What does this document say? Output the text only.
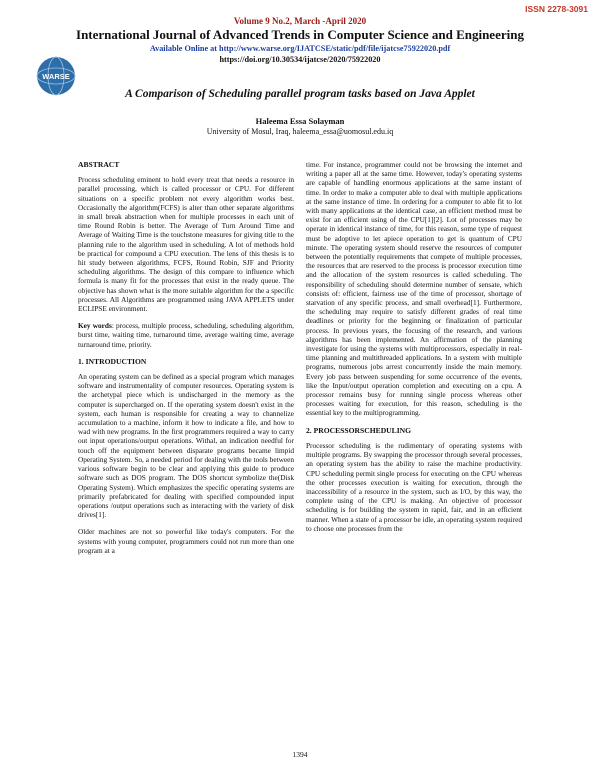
ISSN 2278-3091
Volume 9 No.2, March -April 2020
International Journal of Advanced Trends in Computer Science and Engineering
Available Online at http://www.warse.org/IJATCSE/static/pdf/file/ijatcse75922020.pdf
https://doi.org/10.30534/ijatcse/2020/75922020
WARSE
A Comparison of Scheduling parallel program tasks based on Java Applet
Haleema Essa Solayman
University of Mosul, Iraq, haleema_essa@uomosul.edu.iq
ABSTRACT

Process scheduling eminent to hold every treat that needs a resource in parallel processing, which is called processor or CPU. For different situations on a specific problem not every algorithm works best. Occasionally the algorithm(FCFS) is alter than other separate algorithms in small break abstraction when for multiple processes in each unit of time Round Robin is better. The Average of Turn Around Time and Average of Waiting Time is the touchstone measures for giving title to the planning rule to the algorithm used in scheduling. A lot of methods hold be practical for compound a CPU execution. The lens of this thesis is to hit study between algorithms, FCFS, Round Robin, SJF and Priority scheduling algorithms. The design of this compare to influence which formula is many fit for the processes that exist in the ready queue. The objective has shown what is the more suitable algorithm for the a specific processes. All Algorithms are programmed using JAVA APPLETS under ECLIPSE environment.

Key words: process, multiple process, scheduling, scheduling algorithm, burst time, waiting time, turnaround time, average waiting time, average turnaround time, priority.

1. INTRODUCTION

An operating system can be defined as a special program which manages software and instrumentality of computer resources. Operating system is the archetypal piece which is undischarged in the memory as the computer is supercharged on. If the operating system doesn't exist in the system, each human is responsible for creating a way to channelize accumulation to a machine, inform it how to indicate a file, and how to wad with new programs. In the first programmers required a way to carry out input operations/output operations. Withal, an indication needful for touch off the equipment between disparate programs became limpid Operating System. So, a needed period for dealing with the tools between various software begin to be clear and applying this guide to produce software such as DOS program. The DOS shortcut symbolize the(Disk Operating System). Which emphasizes the specific operating systems are primarily prefabricated for dealing with specified compounded input operations /output operations such as interacting with the variety of disk drives[1].

Older machines are not so powerful like today's computers. For the systems with young computer, programmers could not run more than one program at a

time. For instance, programmer could not be browsing the internet and writing a paper all at the same time. However, today's operating systems are capable of handling enormous applications at the same instant of time. In order to make a computer able to deal with multiple applications at the same instance of time. In ordering for a computer to able fit to lot with many applications at the identical case, an efficient method must be exist for an efficient using of the CPU[1][2]. Lot of processes may be operate in identical instance of time, for this reason, some type of request must be adoptive to let apiece operation to get is quantum of CPU minute. The operating system should reserve the resources of computer between the potentially requirements that compete of multiple processes, the resources that are reserved to the process is processor execution time and the allocation of the system resources is called scheduling. The responsibility of scheduling should determine number of sensate, which consists of: efficient, fairness use of the time of processor, shortage of starvation of any specific process, and small overhead[1]. Furthermore, the scheduling may require to satisfy different grades of real time deadlines or priority for the beginning or finalization of particular process. In previous years, the focusing of the research, and various algorithms has been implemented. An affirmation of the planning investigate for using the systems with multiprocessors, especially in real-time planning and multithreaded applications. In a system with multiple programs, numerous jobs arrest concurrently inside the main memory. Every job pass between suspending for some occurrence of the events, like the Input/output operation completion and executing on a cpu. A processor remains busy for running single process whereas other processes waiting for execution, for this reason, scheduling is the essential key to the multiprogramming.

2. PROCESSORSCHEDULING

Processor scheduling is the rudimentary of operating systems with multiple programs. By swapping the processor through several processes, an operating system has the ability to raise the machine productivity. CPU scheduling permit single process for executing on the CPU whereas the other processes execution is waiting for execution, through the inaccessibility of a resource in the system, such as I/O, by this way, the complete using of the CPU is making. An objective of processor scheduling is for building the system in rapid, fair, and in an efficient manner. When a state of a processor be idle, an operating system required to choose one processes from the

1394
